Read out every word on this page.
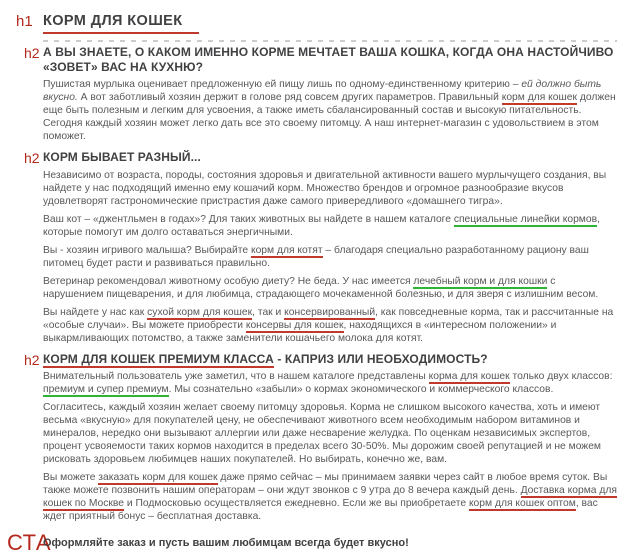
h1 КОРМ ДЛЯ КОШЕК
h2 А ВЫ ЗНАЕТЕ, О КАКОМ ИМЕННО КОРМЕ МЕЧТАЕТ ВАША КОШКА, КОГДА ОНА НАСТОЙЧИВО «ЗОВЕТ» ВАС НА КУХНЮ?

Пушистая мурлыка оценивает предложенную ей пищу лишь по одному-единственному критерию – ей должно быть вкусно. А вот заботливый хозяин держит в голове ряд совсем других параметров. Правильный корм для кошек должен еще быть полезным и легким для усвоения, а также иметь сбалансированный состав и высокую питательность. Сегодня каждый хозяин может легко дать все это своему питомцу. А наш интернет-магазин с удовольствием в этом поможет.

h2 КОРМ БЫВАЕТ РАЗНЫЙ...

Независимо от возраста, породы, состояния здоровья и двигательной активности вашего мурлычущего создания, вы найдете у нас подходящий именно ему кошачий корм. Множество брендов и огромное разнообразие вкусов удовлетворят гастрономические пристрастия даже самого привередливого «домашнего тигра».

Ваш кот – «джентльмен в годах»? Для таких животных вы найдете в нашем каталоге специальные линейки кормов, которые помогут им долго оставаться энергичными.

Вы - хозяин игривого малыша? Выбирайте корм для котят – благодаря специально разработанному рациону ваш питомец будет расти и развиваться правильно.

Ветеринар рекомендовал животному особую диету? Не беда. У нас имеется лечебный корм и для кошки с нарушением пищеварения, и для любимца, страдающего мочекаменной болезнью, и для зверя с излишним весом.

Вы найдете у нас как сухой корм для кошек, так и консервированный, как повседневные корма, так и рассчитанные на «особые случаи». Вы можете приобрести консервы для кошек, находящихся в «интересном положении» и выкармливающих потомство, а также заменители кошачьего молока для котят.

h2 КОРМ ДЛЯ КОШЕК ПРЕМИУМ КЛАССА - КАПРИЗ ИЛИ НЕОБХОДИМОСТЬ?

Внимательный пользователь уже заметил, что в нашем каталоге представлены корма для кошек только двух классов: премиум и супер премиум. Мы сознательно «забыли» о кормах экономического и коммерческого классов.

Согласитесь, каждый хозяин желает своему питомцу здоровья. Корма не слишком высокого качества, хоть и имеют весьма «вкусную» для покупателей цену, не обеспечивают животного всем необходимым набором витаминов и минералов, нередко они вызывают аллергии или даже несварение желудка. По оценкам независимых экспертов, процент усвояемости таких кормов находится в пределах всего 30-50%. Мы дорожим своей репутацией и не можем рисковать здоровьем любимцев наших покупателей. Но выбирать, конечно же, вам.

Вы можете заказать корм для кошек даже прямо сейчас – мы принимаем заявки через сайт в любое время суток. Вы также можете позвонить нашим операторам – они ждут звонков с 9 утра до 8 вечера каждый день. Доставка корма для кошек по Москве и Подмосковью осуществляется ежедневно. Если же вы приобретаете корм для кошек оптом, вас ждет приятный бонус – бесплатная доставка.

СТА
Оформляйте заказ и пусть вашим любимцам всегда будет вкусно!
